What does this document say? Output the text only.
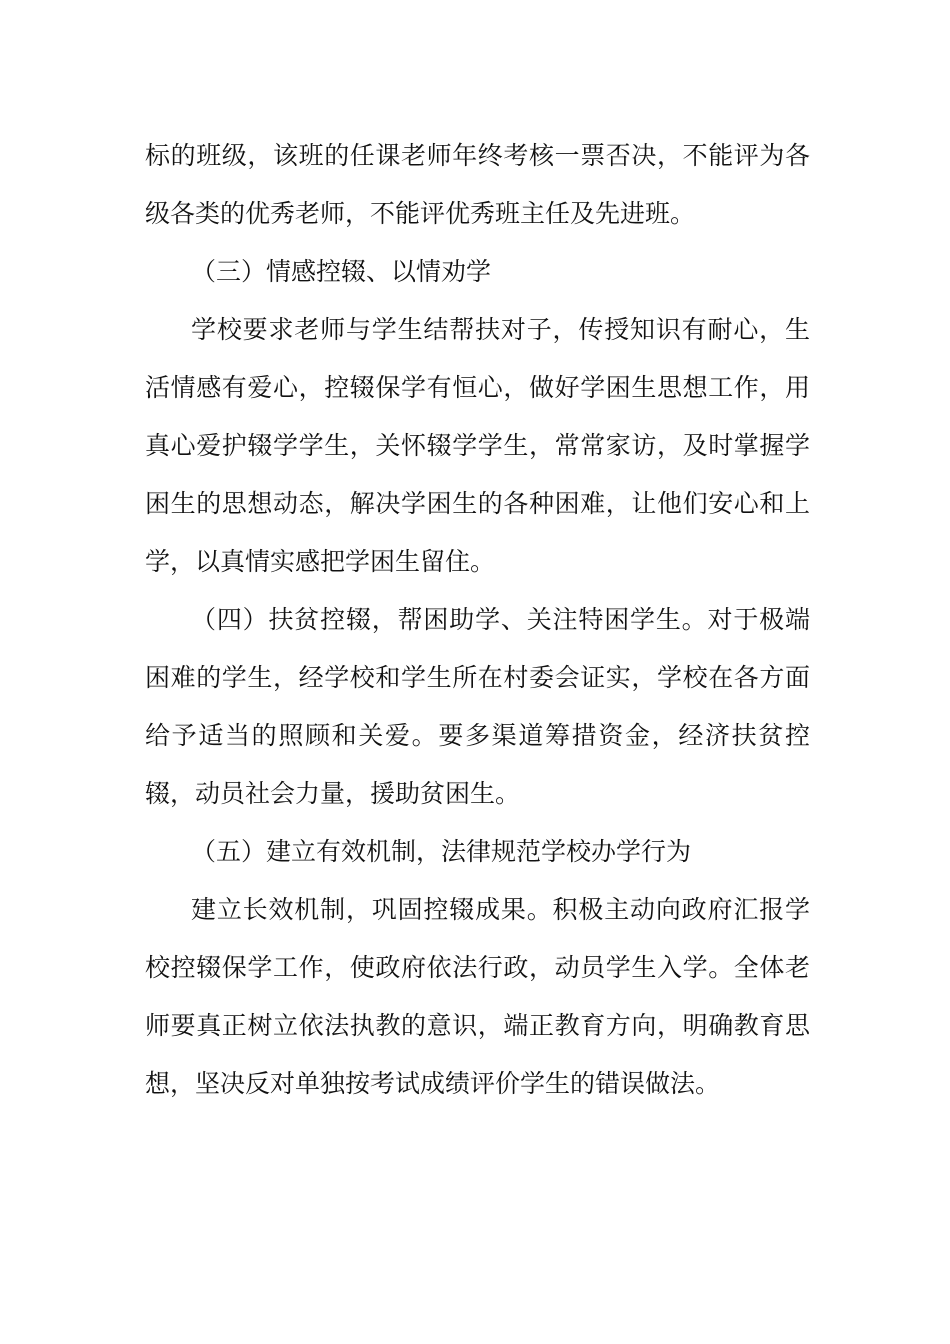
标的班级，该班的任课老师年终考核一票否决，不能评为各级各类的优秀老师，不能评优秀班主任及先进班。

（三）情感控辍、以情劝学

学校要求老师与学生结帮扶对子，传授知识有耐心，生活情感有爱心，控辍保学有恒心，做好学困生思想工作，用真心爱护辍学学生，关怀辍学学生，常常家访，及时掌握学困生的思想动态，解决学困生的各种困难，让他们安心和上学，以真情实感把学困生留住。

（四）扶贫控辍，帮困助学、关注特困学生。对于极端困难的学生，经学校和学生所在村委会证实，学校在各方面给予适当的照顾和关爱。要多渠道筹措资金，经济扶贫控辍，动员社会力量，援助贫困生。

（五）建立有效机制，法律规范学校办学行为

建立长效机制，巩固控辍成果。积极主动向政府汇报学校控辍保学工作，使政府依法行政，动员学生入学。全体老师要真正树立依法执教的意识，端正教育方向，明确教育思想，坚决反对单独按考试成绩评价学生的错误做法。
